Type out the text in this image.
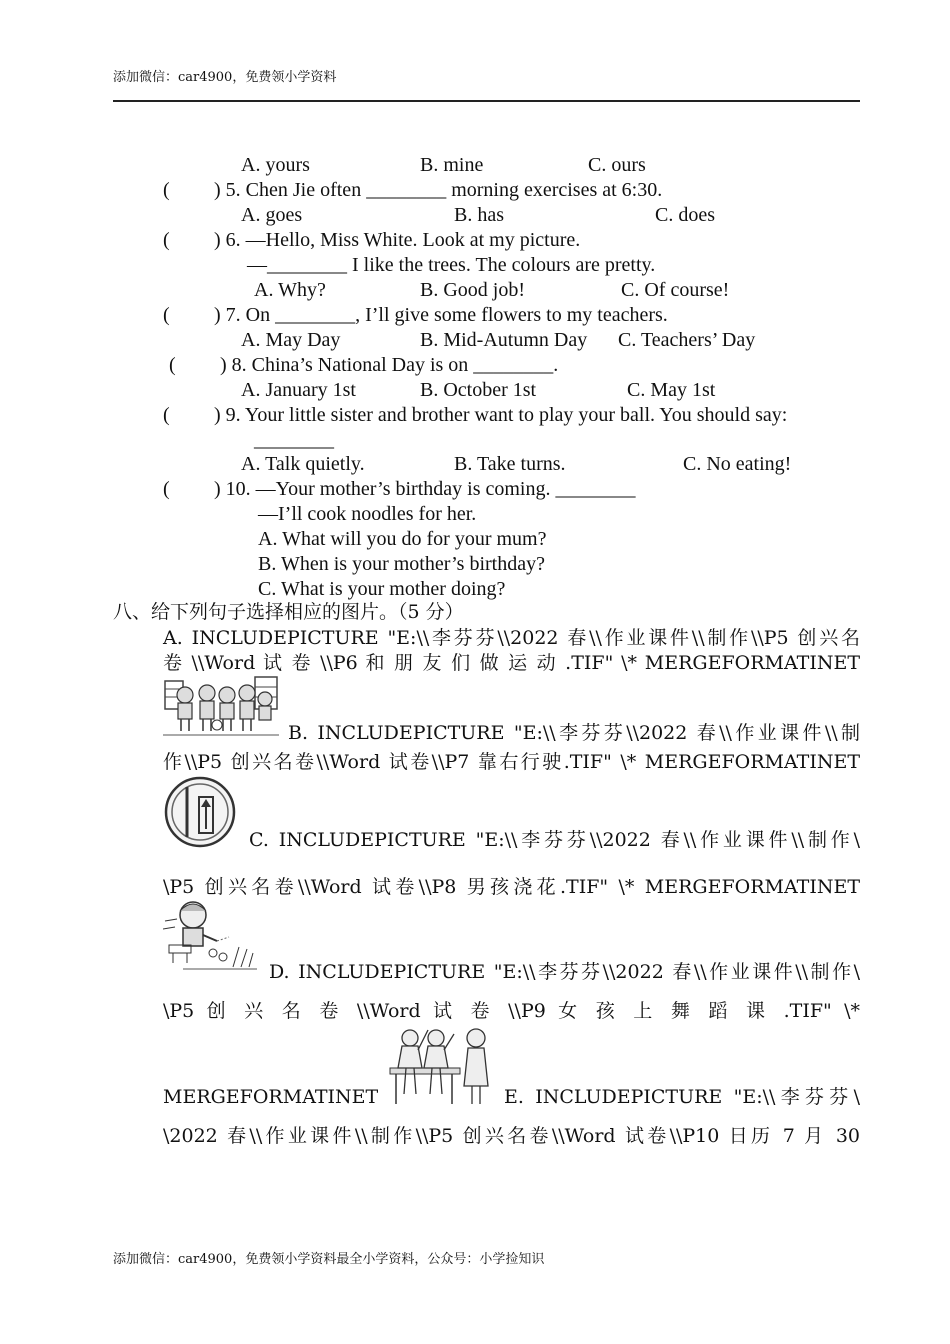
添加微信：car4900，免费领小学资料
A. yours	B. mine	C. ours
( ) 5. Chen Jie often ________ morning exercises at 6:30.
A. goes	B. has	C. does
( ) 6. —Hello, Miss White. Look at my picture.
—________ I like the trees. The colours are pretty.
A. Why?	B. Good job!	C. Of course!
( ) 7. On ________, I’ll give some flowers to my teachers.
A. May Day	B. Mid-Autumn Day C. Teachers’ Day
( ) 8. China’s National Day is on ________.
A. January 1st	B. October 1st	C. May 1st
( ) 9. Your little sister and brother want to play your ball. You should say:
________
A. Talk quietly.	B. Take turns.	C. No eating!
( ) 10. —Your mother’s birthday is coming. ________
—I’ll cook noodles for her.
A. What will you do for your mum?
B. When is your mother’s birthday?
C. What is your mother doing?
八、给下列句子选择相应的图片。（5 分）
A. INCLUDEPICTURE "E:\\李芬芬\\2022 春\\作业课件\\制作\\P5 创兴名
卷 \\Word 试 卷 \\P6 和 朋 友 们 做 运 动 .TIF" \* MERGEFORMATINET
B. INCLUDEPICTURE "E:\\李芬芬\\2022 春\\作业课件\\制
作\\P5 创兴名卷\\Word 试卷\\P7 靠右行驶.TIF" \* MERGEFORMATINET
C. INCLUDEPICTURE "E:\\李芬芬\\2022 春\\作业课件\\制作\
\P5 创兴名卷\\Word 试卷\\P8 男孩浇花.TIF" \* MERGEFORMATINET
D. INCLUDEPICTURE "E:\\李芬芬\\2022 春\\作业课件\\制作\
\P5 创 兴 名 卷 \\Word 试 卷 \\P9 女 孩 上 舞 蹈 课 .TIF" \*
MERGEFORMATINET	E. INCLUDEPICTURE "E:\\李芬芬\
\2022 春\\作业课件\\制作\\P5 创兴名卷\\Word 试卷\\P10 日历 7 月 30
添加微信：car4900，免费领小学资料最全小学资料，公众号：小学捡知识
